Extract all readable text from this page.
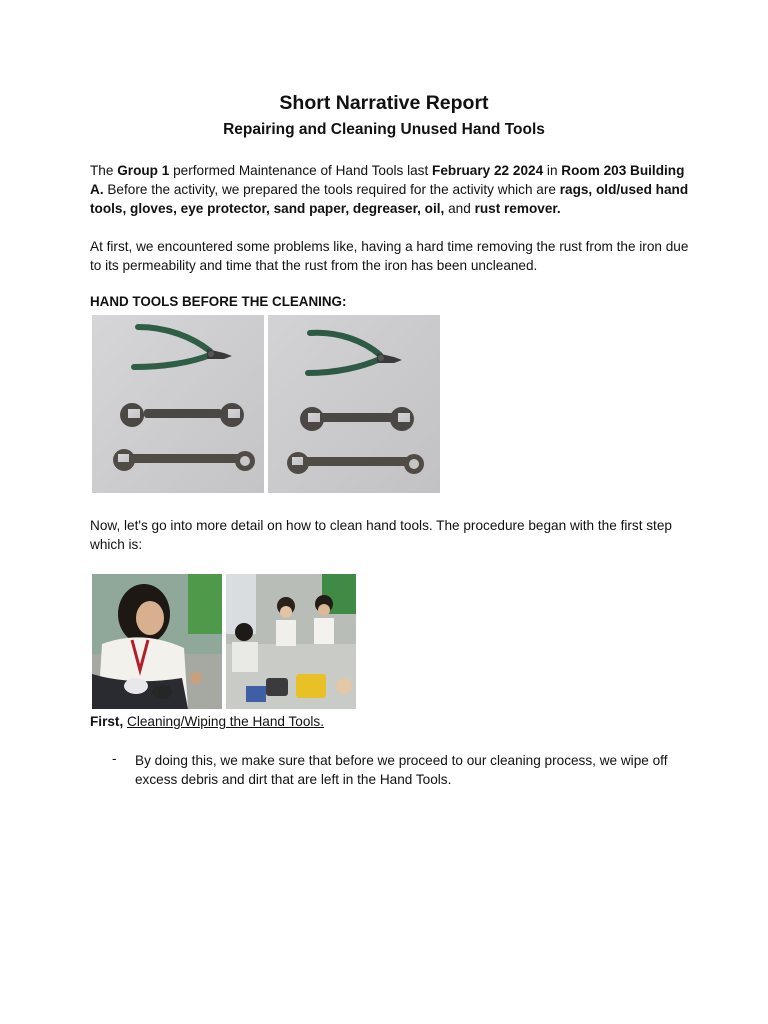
Short Narrative Report
Repairing and Cleaning Unused Hand Tools

The Group 1 performed Maintenance of Hand Tools last February 22 2024 in Room 203 Building A. Before the activity, we prepared the tools required for the activity which are rags, old/used hand tools, gloves, eye protector, sand paper, degreaser, oil, and rust remover.

At first, we encountered some problems like, having a hard time removing the rust from the iron due to its permeability and time that the rust from the iron has been uncleaned.

HAND TOOLS BEFORE THE CLEANING:

Now, let's go into more detail on how to clean hand tools. The procedure began with the first step which is:

First, Cleaning/Wiping the Hand Tools.

- By doing this, we make sure that before we proceed to our cleaning process, we wipe off excess debris and dirt that are left in the Hand Tools.
